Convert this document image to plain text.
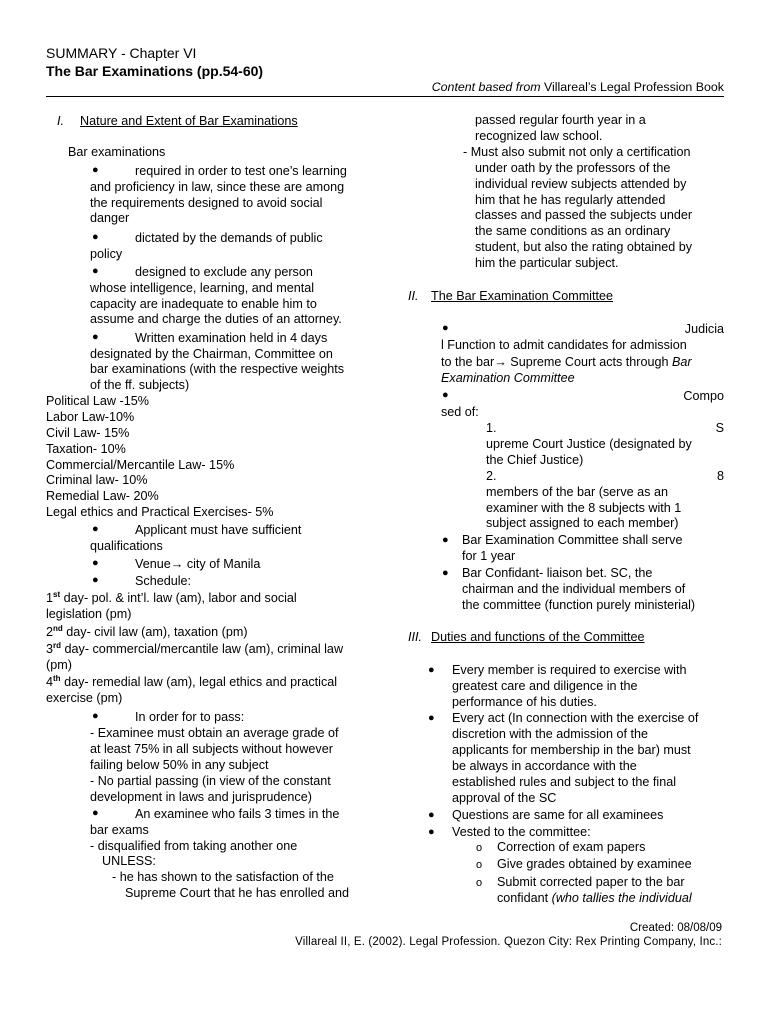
SUMMARY - Chapter VI
The Bar Examinations (pp.54-60)
Content based from Villareal’s Legal Profession Book
I. Nature and Extent of Bar Examinations
Bar examinations
●	required in order to test one’s learning
and proficiency in law, since these are among
the requirements designed to avoid social
danger
●	dictated by the demands of public
policy
●	designed to exclude any person
whose intelligence, learning, and mental
capacity are inadequate to enable him to
assume and charge the duties of an attorney.
●	Written examination held in 4 days
designated by the Chairman, Committee on
bar examinations (with the respective weights
of the ff. subjects)
Political Law -15%
Labor Law-10%
Civil Law- 15%
Taxation- 10%
Commercial/Mercantile Law- 15%
Criminal law- 10%
Remedial Law- 20%
Legal ethics and Practical Exercises- 5%
●	Applicant must have sufficient
qualifications
●	Venue→ city of Manila
●	Schedule:
1st day- pol. & int’l. law (am), labor and social
legislation (pm)
2nd day- civil law (am), taxation (pm)
3rd day- commercial/mercantile law (am), criminal law
(pm)
4th day- remedial law (am), legal ethics and practical
exercise (pm)
●	In order for to pass:
- Examinee must obtain an average grade of
at least 75% in all subjects without however
failing below 50% in any subject
- No partial passing (in view of the constant
development in laws and jurisprudence)
●	An examinee who fails 3 times in the
bar exams
- disqualified from taking another one
UNLESS:
- he has shown to the satisfaction of the
Supreme Court that he has enrolled and
passed regular fourth year in a
recognized law school.
- Must also submit not only a certification
under oath by the professors of the
individual review subjects attended by
him that he has regularly attended
classes and passed the subjects under
the same conditions as an ordinary
student, but also the rating obtained by
him the particular subject.
II. The Bar Examination Committee
●	Judicia
l Function to admit candidates for admission
to the bar→ Supreme Court acts through Bar
Examination Committee
●	Compo
sed of:
1.	S
upreme Court Justice (designated by
the Chief Justice)
2.	8
members of the bar (serve as an
examiner with the 8 subjects with 1
subject assigned to each member)
● Bar Examination Committee shall serve
for 1 year
● Bar Confidant- liaison bet. SC, the
chairman and the individual members of
the committee (function purely ministerial)
III. Duties and functions of the Committee
● Every member is required to exercise with
greatest care and diligence in the
performance of his duties.
● Every act (In connection with the exercise of
discretion with the admission of the
applicants for membership in the bar) must
be always in accordance with the
established rules and subject to the final
approval of the SC
● Questions are same for all examinees
● Vested to the committee:
o Correction of exam papers
o Give grades obtained by examinee
o Submit corrected paper to the bar
confidant (who tallies the individual
Created: 08/08/09
Villareal II, E. (2002). Legal Profession. Quezon City: Rex Printing Company, Inc.:
